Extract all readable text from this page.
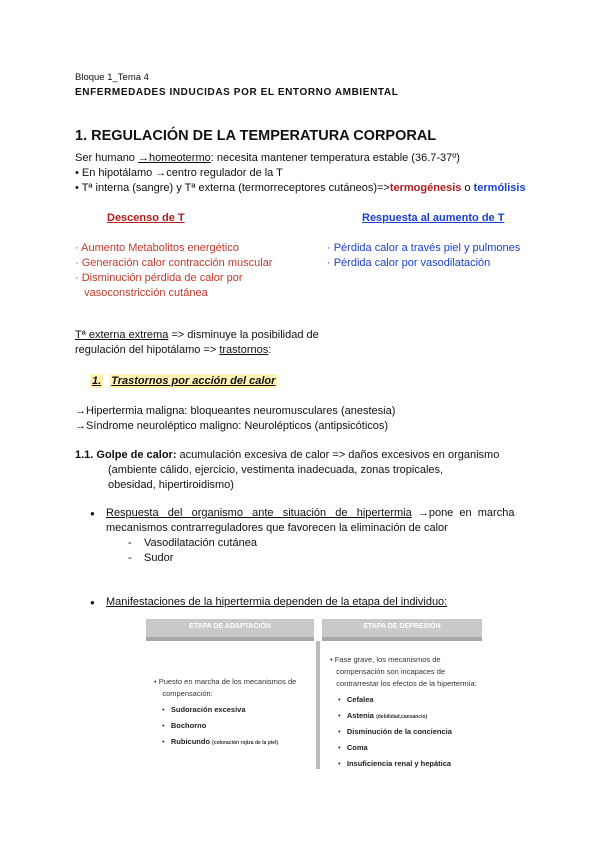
Bloque 1_Tema 4
ENFERMEDADES INDUCIDAS POR EL ENTORNO AMBIENTAL
1. REGULACIÓN DE LA TEMPERATURA CORPORAL
Ser humano →homeotermo: necesita mantener temperatura estable (36.7-37º)
• En hipotálamo →centro regulador de la T
• Tª interna (sangre) y Tª externa (termorreceptores cutáneos)=>termogénesis o termólisis
Descenso de T	Respuesta al aumento de T
· Aumento Metabolitos energético
· Generación calor contracción muscular
· Disminución pérdida de calor por
vasoconstricción cutánea
· Pérdida calor a través piel y pulmones
· Pérdida calor por vasodilatación
Tª externa extrema => disminuye la posibilidad de
regulación del hipotálamo => trastornos:
1. Trastornos por acción del calor
→Hipertermia maligna: bloqueantes neuromusculares (anestesia)
→Síndrome neuroléptico maligno: Neurolépticos (antipsicóticos)
1.1. Golpe de calor: acumulación excesiva de calor => daños excesivos en organismo
(ambiente cálido, ejercicio, vestimenta inadecuada, zonas tropicales,
obesidad, hipertiroidismo)
● Respuesta   del   organismo   ante   situación   de   hipertermia  →pone  en  marcha
mecanismos contrarreguladores que favorecen la eliminación de calor
- Vasodilatación cutánea
- Sudor
● Manifestaciones de la hipertermia dependen de la etapa del individuo:
ETAPA DE ADAPTACIÓN	ETAPA DE DEPRESIÓN
• Puesto en marcha de los mecanismos de
compensación:
•   Sudoración excesiva
•   Bochorno
•   Rubicundo (coloración rojiza de la piel)
• Fase grave, los mecanismos de
compensación son incapaces de
contrarrestar los efectos de la hipertermia:
•   Cefalea
•   Astenia (debilidad,cansancio)
•   Disminución de la conciencia
•   Coma
•   Insuficiencia renal y hepática
